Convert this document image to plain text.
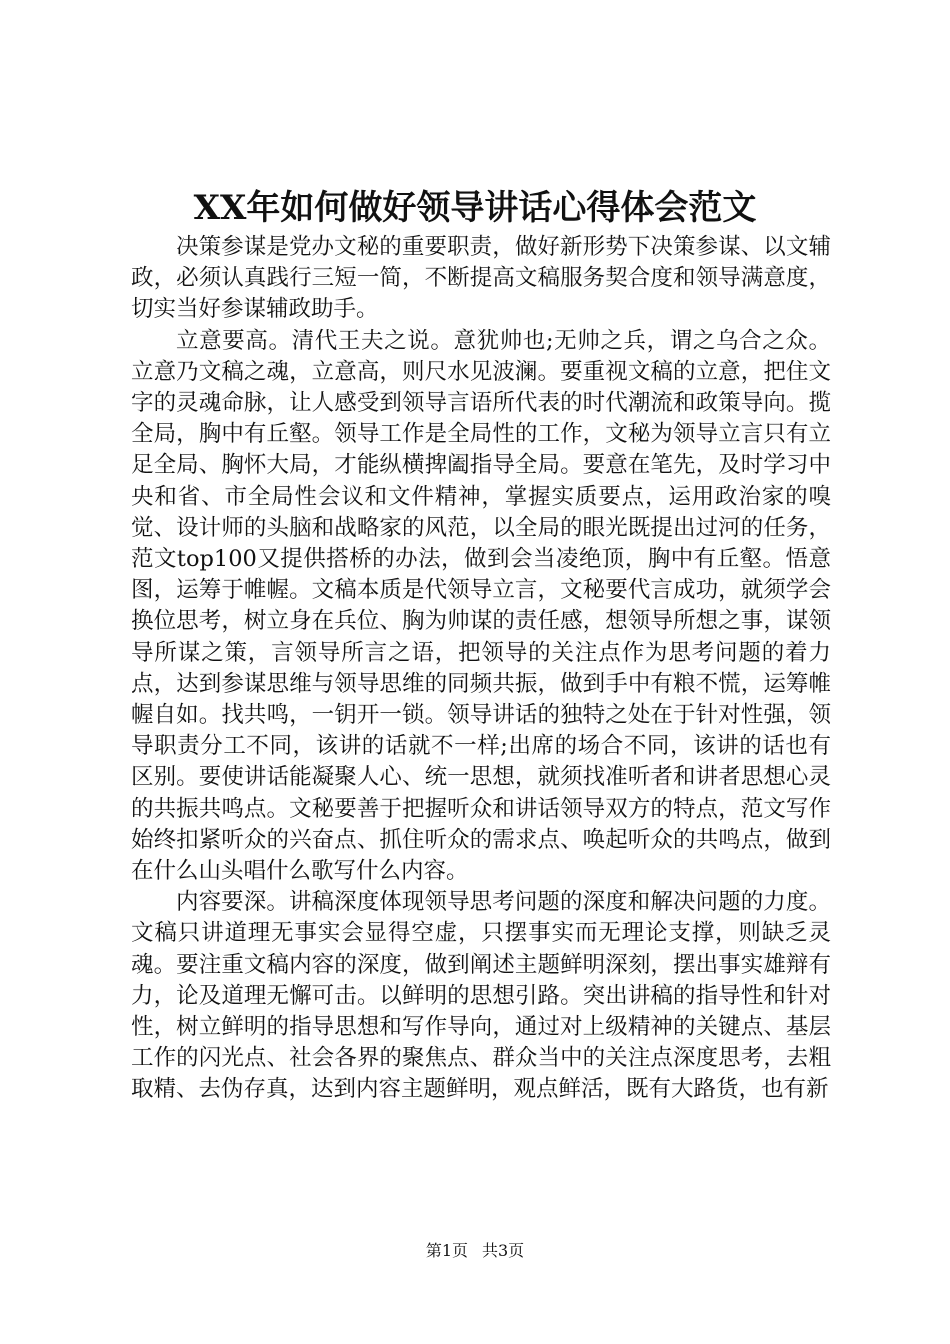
XX年如何做好领导讲话心得体会范文

决策参谋是党办文秘的重要职责，做好新形势下决策参谋、以文辅政，必须认真践行三短一简，不断提高文稿服务契合度和领导满意度，切实当好参谋辅政助手。

立意要高。清代王夫之说。意犹帅也;无帅之兵，谓之乌合之众。立意乃文稿之魂，立意高，则尺水见波澜。要重视文稿的立意，把住文字的灵魂命脉，让人感受到领导言语所代表的时代潮流和政策导向。揽全局，胸中有丘壑。领导工作是全局性的工作，文秘为领导立言只有立足全局、胸怀大局，才能纵横捭阖指导全局。要意在笔先，及时学习中央和省、市全局性会议和文件精神，掌握实质要点，运用政治家的嗅觉、设计师的头脑和战略家的风范，以全局的眼光既提出过河的任务，范文top100又提供搭桥的办法，做到会当凌绝顶，胸中有丘壑。悟意图，运筹于帷幄。文稿本质是代领导立言，文秘要代言成功，就须学会换位思考，树立身在兵位、胸为帅谋的责任感，想领导所想之事，谋领导所谋之策，言领导所言之语，把领导的关注点作为思考问题的着力点，达到参谋思维与领导思维的同频共振，做到手中有粮不慌，运筹帷幄自如。找共鸣，一钥开一锁。领导讲话的独特之处在于针对性强，领导职责分工不同，该讲的话就不一样;出席的场合不同，该讲的话也有区别。要使讲话能凝聚人心、统一思想，就须找准听者和讲者思想心灵的共振共鸣点。文秘要善于把握听众和讲话领导双方的特点，范文写作始终扣紧听众的兴奋点、抓住听众的需求点、唤起听众的共鸣点，做到在什么山头唱什么歌写什么内容。

内容要深。讲稿深度体现领导思考问题的深度和解决问题的力度。文稿只讲道理无事实会显得空虚，只摆事实而无理论支撑，则缺乏灵魂。要注重文稿内容的深度，做到阐述主题鲜明深刻，摆出事实雄辩有力，论及道理无懈可击。以鲜明的思想引路。突出讲稿的指导性和针对性，树立鲜明的指导思想和写作导向，通过对上级精神的关键点、基层工作的闪光点、社会各界的聚焦点、群众当中的关注点深度思考，去粗取精、去伪存真，达到内容主题鲜明，观点鲜活，既有大路货，也有新

第1页 共3页
